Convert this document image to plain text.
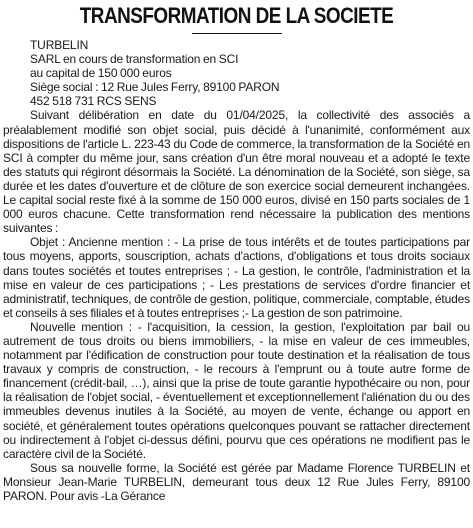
TRANSFORMATION DE LA SOCIETE

TURBELIN

SARL en cours de transformation en SCI

au capital de 150 000 euros

Siège social : 12 Rue Jules Ferry, 89100 PARON

452 518 731 RCS SENS

Suivant délibération en date du 01/04/2025, la collectivité des associés a préalablement modifié son objet social, puis décidé à l'unanimité, conformément aux dispositions de l'article L. 223-43 du Code de commerce, la transformation de la Société en SCI à compter du même jour, sans création d'un être moral nouveau et a adopté le texte des statuts qui régiront désormais la Société. La dénomination de la Société, son siège, sa durée et les dates d'ouverture et de clôture de son exercice social demeurent inchangées. Le capital social reste fixé à la somme de 150 000 euros, divisé en 150 parts sociales de 1 000 euros chacune. Cette transformation rend nécessaire la publication des mentions suivantes :

Objet : Ancienne mention : - La prise de tous intérêts et de toutes participations par tous moyens, apports, souscription, achats d'actions, d'obligations et tous droits sociaux dans toutes sociétés et toutes entreprises ; - La gestion, le contrôle, l'administration et la mise en valeur de ces participations ; - Les prestations de services d'ordre financier et administratif, techniques, de contrôle de gestion, politique, commerciale, comptable, études et conseils à ses filiales et à toutes entreprises ;- La gestion de son patrimoine.

Nouvelle mention : - l'acquisition, la cession, la gestion, l'exploitation par bail ou autrement de tous droits ou biens immobiliers, - la mise en valeur de ces immeubles, notamment par l'édification de construction pour toute destination et la réalisation de tous travaux y compris de construction, - le recours à l'emprunt ou à toute autre forme de financement (crédit-bail, …), ainsi que la prise de toute garantie hypothécaire ou non, pour la réalisation de l'objet social, - éventuellement et exceptionnellement l'aliénation du ou des immeubles devenus inutiles à la Société, au moyen de vente, échange ou apport en société, et généralement toutes opérations quelconques pouvant se rattacher directement ou indirectement à l'objet ci-dessus défini, pourvu que ces opérations ne modifient pas le caractère civil de la Société.

Sous sa nouvelle forme, la Société est gérée par Madame Florence TURBELIN et Monsieur Jean-Marie TURBELIN, demeurant tous deux 12 Rue Jules Ferry, 89100 PARON. Pour avis -La Gérance
